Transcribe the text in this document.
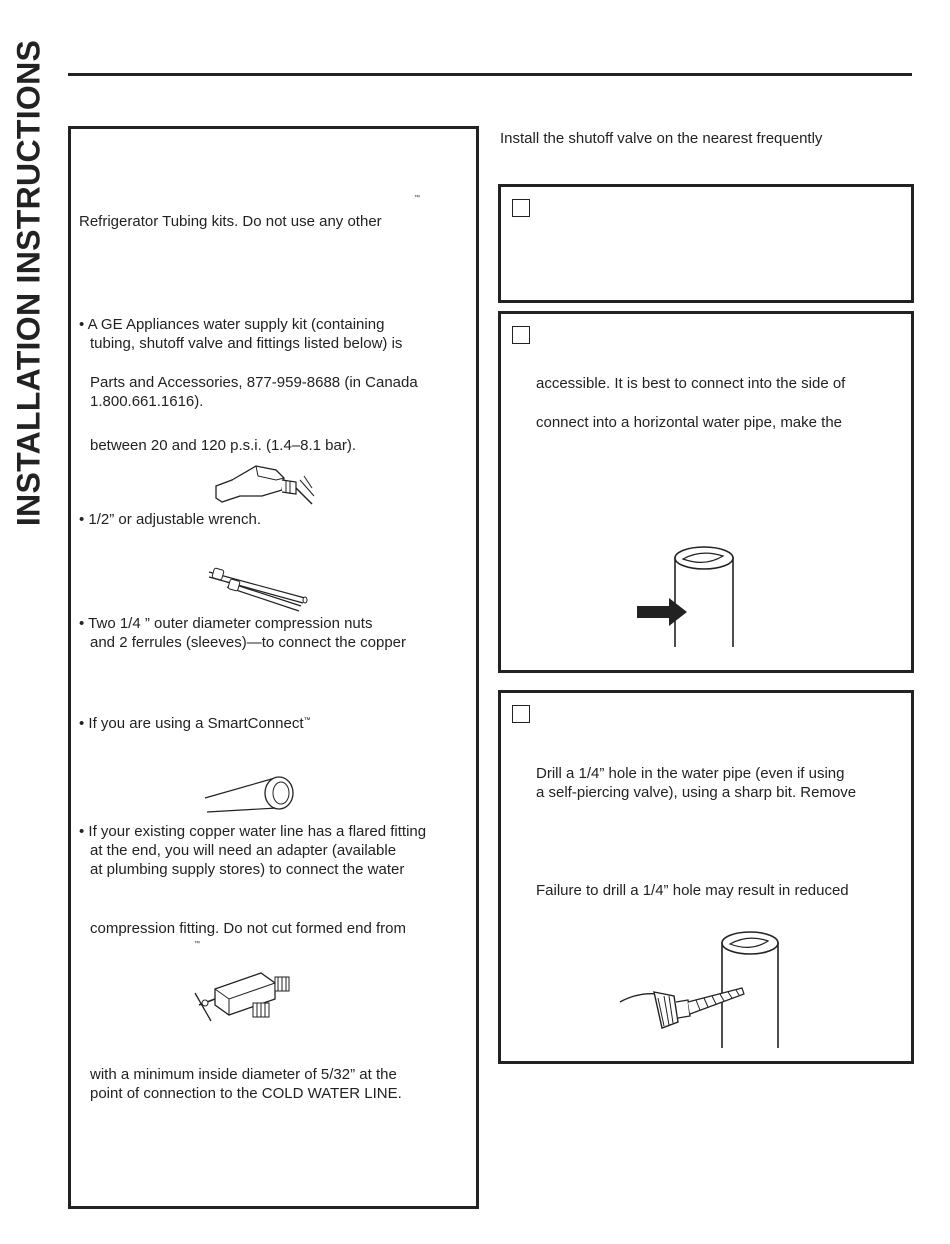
INSTALLATION INSTRUCTIONS	™
Refrigerator Tubing kits. Do not use any other
• A GE Appliances water supply kit (containing
tubing, shutoff valve and fittings listed below) is
Parts and Accessories, 877-959-8688 (in Canada
1.800.661.1616).
between 20 and 120 p.s.i. (1.4–8.1 bar).
• 1/2” or adjustable wrench.
• Two 1/4 ” outer diameter compression nuts
and 2 ferrules (sleeves)—to connect the copper
• If you are using a SmartConnect™
• If your existing copper water line has a flared fitting
at the end, you will need an adapter (available
at plumbing supply stores) to connect the water
compression fitting. Do not cut formed end from
™
with a minimum inside diameter of 5/32” at the
point of connection to the COLD WATER LINE.
Install the shutoff valve on the nearest frequently
accessible. It is best to connect into the side of
connect into a horizontal water pipe, make the
Drill a 1/4” hole in the water pipe (even if using
a self-piercing valve), using a sharp bit. Remove
Failure to drill a 1/4” hole may result in reduced
